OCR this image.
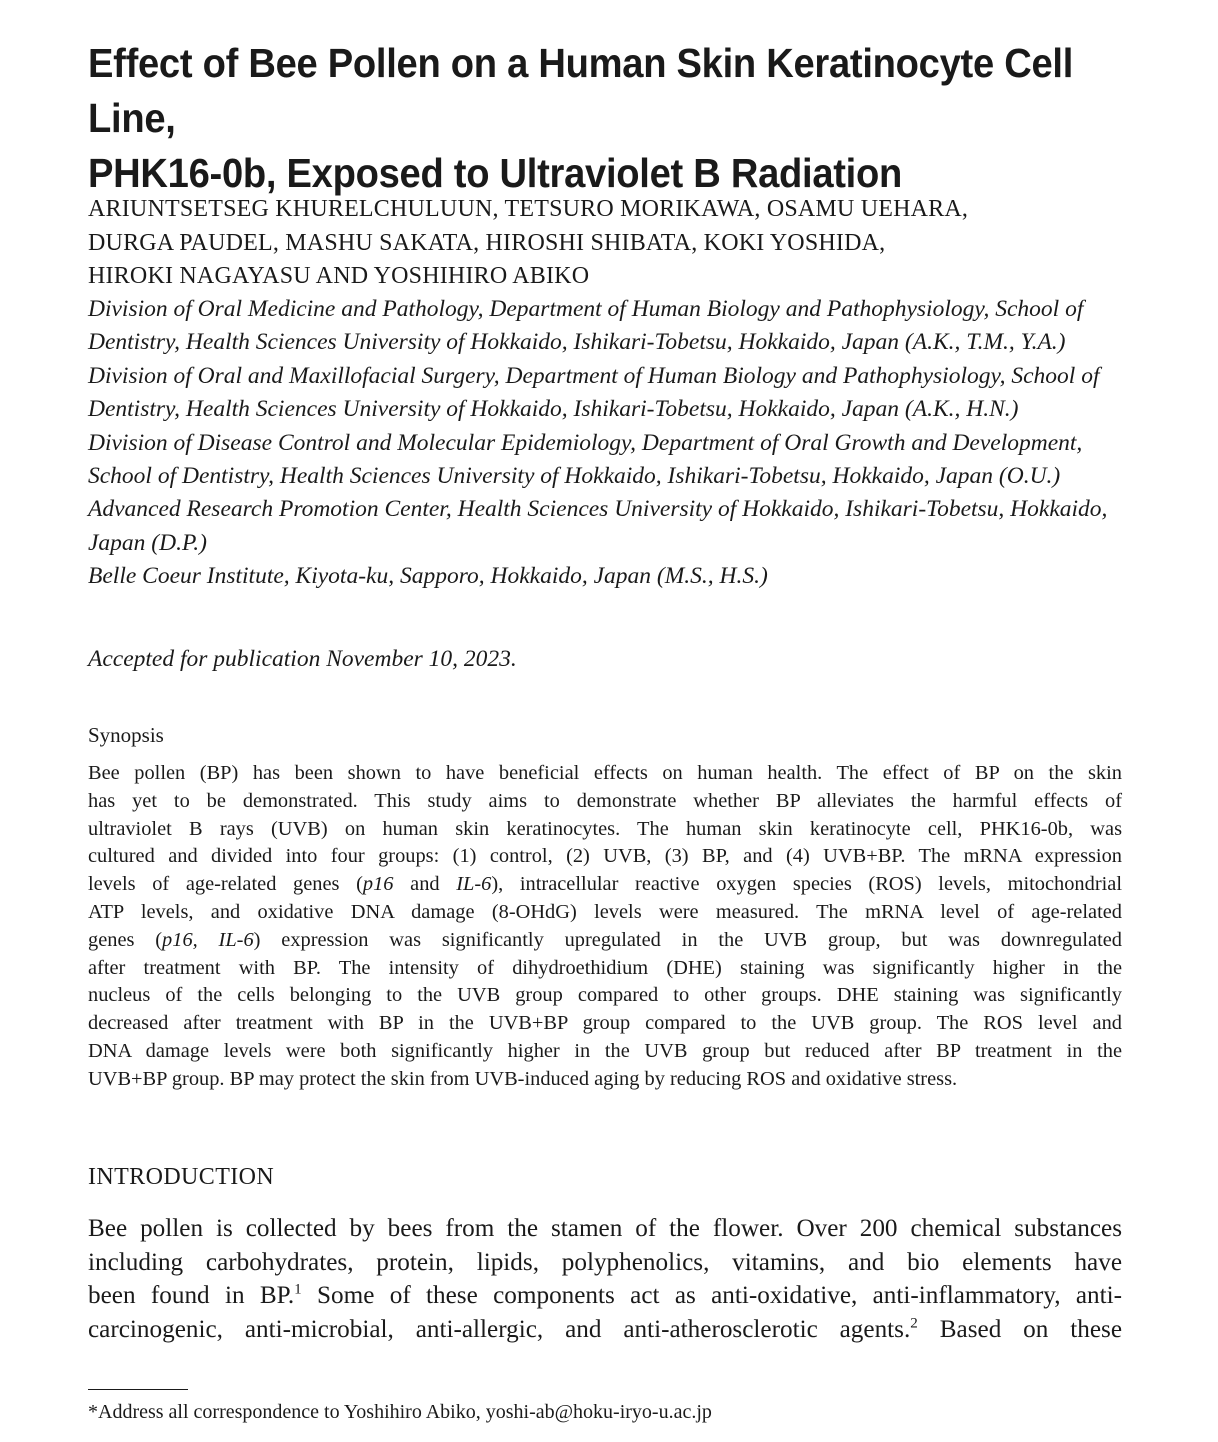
Effect of Bee Pollen on a Human Skin Keratinocyte Cell Line,
PHK16-0b, Exposed to Ultraviolet B Radiation
ARIUNTSETSEG KHURELCHULUUN, TETSURO MORIKAWA, OSAMU UEHARA,
DURGA PAUDEL, MASHU SAKATA, HIROSHI SHIBATA, KOKI YOSHIDA,
HIROKI NAGAYASU AND YOSHIHIRO ABIKO
Division of Oral Medicine and Pathology, Department of Human Biology and Pathophysiology, School of
Dentistry, Health Sciences University of Hokkaido, Ishikari-Tobetsu, Hokkaido, Japan (A.K., T.M., Y.A.)
Division of Oral and Maxillofacial Surgery, Department of Human Biology and Pathophysiology, School of
Dentistry, Health Sciences University of Hokkaido, Ishikari-Tobetsu, Hokkaido, Japan (A.K., H.N.)
Division of Disease Control and Molecular Epidemiology, Department of Oral Growth and Development,
School of Dentistry, Health Sciences University of Hokkaido, Ishikari-Tobetsu, Hokkaido, Japan (O.U.)
Advanced Research Promotion Center, Health Sciences University of Hokkaido, Ishikari-Tobetsu, Hokkaido,
Japan (D.P.)
Belle Coeur Institute, Kiyota-ku, Sapporo, Hokkaido, Japan (M.S., H.S.)
Accepted for publication November 10, 2023.
Synopsis
Bee pollen (BP) has been shown to have beneficial effects on human health. The effect of BP on the skin
has yet to be demonstrated. This study aims to demonstrate whether BP alleviates the harmful effects of
ultraviolet B rays (UVB) on human skin keratinocytes. The human skin keratinocyte cell, PHK16-0b, was
cultured and divided into four groups: (1) control, (2) UVB, (3) BP, and (4) UVB+BP. The mRNA expression
levels of age-related genes (p16 and IL-6), intracellular reactive oxygen species (ROS) levels, mitochondrial
ATP levels, and oxidative DNA damage (8-OHdG) levels were measured. The mRNA level of age-related
genes (p16, IL-6) expression was significantly upregulated in the UVB group, but was downregulated
after treatment with BP. The intensity of dihydroethidium (DHE) staining was significantly higher in the
nucleus of the cells belonging to the UVB group compared to other groups. DHE staining was significantly
decreased after treatment with BP in the UVB+BP group compared to the UVB group. The ROS level and
DNA damage levels were both significantly higher in the UVB group but reduced after BP treatment in the
UVB+BP group. BP may protect the skin from UVB-induced aging by reducing ROS and oxidative stress.
INTRODUCTION
Bee pollen is collected by bees from the stamen of the flower. Over 200 chemical substances
including carbohydrates, protein, lipids, polyphenolics, vitamins, and bio elements have
been found in BP.$^1$ Some of these components act as anti-oxidative, anti-inflammatory, anti-
carcinogenic, anti-microbial, anti-allergic, and anti-atherosclerotic agents.$^2$ Based on these
*Address all correspondence to Yoshihiro Abiko, yoshi-ab@hoku-iryo-u.ac.jp
